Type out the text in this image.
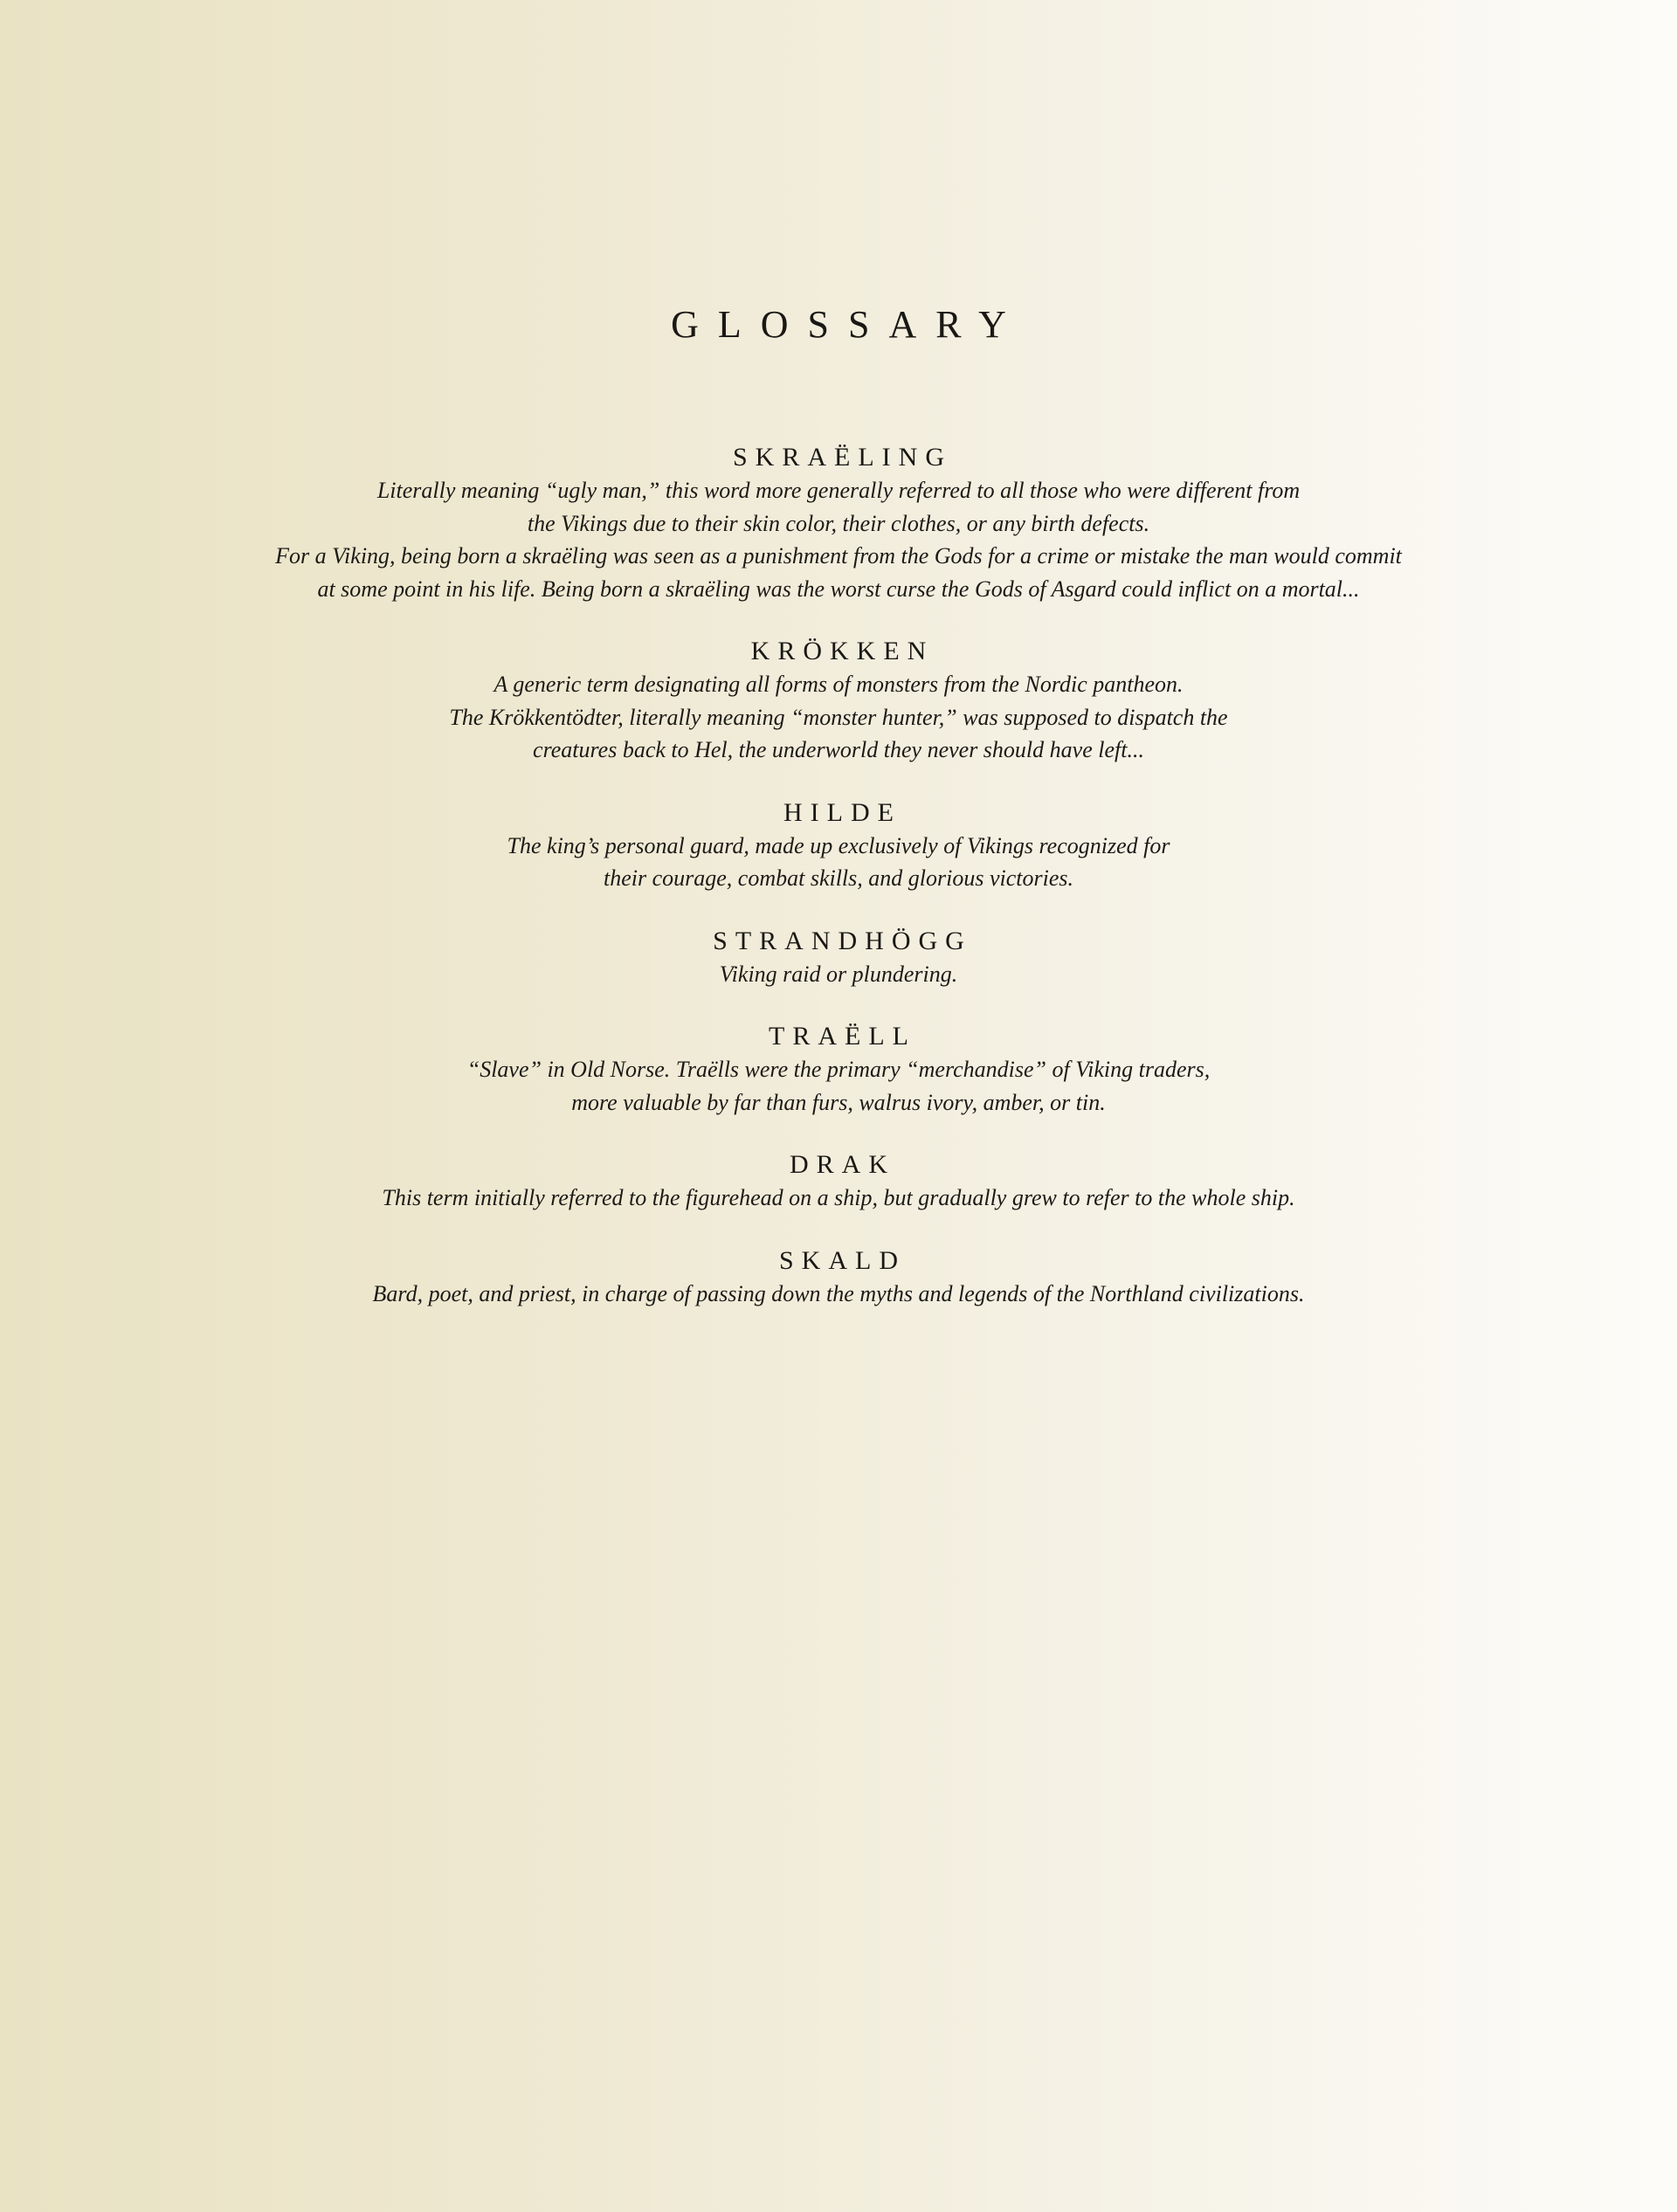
GLOSSARY
SKRAËLING
Literally meaning “ugly man,” this word more generally referred to all those who were different from
the Vikings due to their skin color, their clothes, or any birth defects.
For a Viking, being born a skraëling was seen as a punishment from the Gods for a crime or mistake the man would commit
at some point in his life. Being born a skraëling was the worst curse the Gods of Asgard could inflict on a mortal...
KRÖKKEN
A generic term designating all forms of monsters from the Nordic pantheon.
The Krökkentödter, literally meaning “monster hunter,” was supposed to dispatch the
creatures back to Hel, the underworld they never should have left...
HILDE
The king’s personal guard, made up exclusively of Vikings recognized for
their courage, combat skills, and glorious victories.
STRANDHÖGG
Viking raid or plundering.
TRAËLL
“Slave” in Old Norse. Traëlls were the primary “merchandise” of Viking traders,
more valuable by far than furs, walrus ivory, amber, or tin.
DRAK
This term initially referred to the figurehead on a ship, but gradually grew to refer to the whole ship.
SKALD
Bard, poet, and priest, in charge of passing down the myths and legends of the Northland civilizations.
